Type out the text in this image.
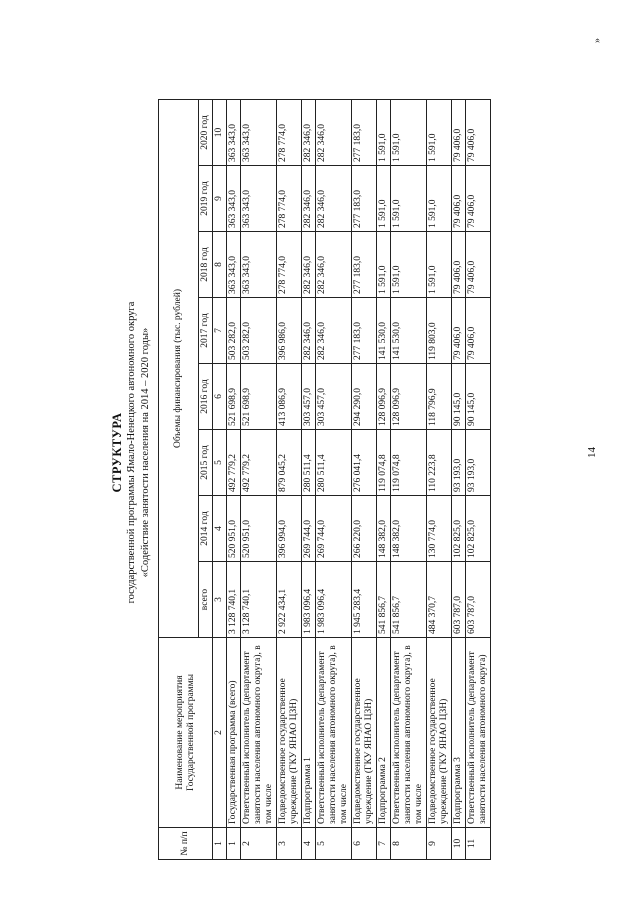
14
»
СТРУКТУРА государственной программы Ямало-Ненецкого автономного округа «Содействие занятости населения на 2014 – 2020 годы»
№ п/п	Наименование мероприятия Государственной программы	Объемы финансирования (тыс. рублей)							
		всего	2014 год	2015 год	2016 год	2017 год	2018 год	2019 год	2020 год
1	2	3	4	5	6	7	8	9	10
1	Государственная программа (всего)	3 128 740,1	520 951,0	492 779,2	521 698,9	503 282,0	363 343,0	363 343,0	363 343,0
2	Ответственный исполнитель (департамент занятости населения автономного округа), в том числе	3 128 740,1	520 951,0	492 779,2	521 698,9	503 282,0	363 343,0	363 343,0	363 343,0
3	Подведомственное государственное учреждение (ГКУ ЯНАО ЦЗН)	2 922 434,1	396 994,0	879 045,2	413 086,9	396 986,0	278 774,0	278 774,0	278 774,0
4	Подпрограмма 1	1 983 096,4	269 744,0	280 511,4	303 457,0	282 346,0	282 346,0	282 346,0	282 346,0
5	Ответственный исполнитель (департамент занятости населения автономного округа), в том числе	1 983 096,4	269 744,0	280 511,4	303 457,0	282 346,0	282 346,0	282 346,0	282 346,0
6	Подведомственное государственное учреждение (ГКУ ЯНАО ЦЗН)	1 945 283,4	266 220,0	276 041,4	294 290,0	277 183,0	277 183,0	277 183,0	277 183,0
7	Подпрограмма 2	541 856,7	148 382,0	119 074,8	128 096,9	141 530,0	1 591,0	1 591,0	1 591,0
8	Ответственный исполнитель (департамент занятости населения автономного округа), в том числе	541 856,7	148 382,0	119 074,8	128 096,9	141 530,0	1 591,0	1 591,0	1 591,0
9	Подведомственное государственное учреждение (ГКУ ЯНАО ЦЗН)	484 370,7	130 774,0	110 223,8	118 796,9	119 803,0	1 591,0	1 591,0	1 591,0
10	Подпрограмма 3	603 787,0	102 825,0	93 193,0	90 145,0	79 406,0	79 406,0	79 406,0	79 406,0
11	Ответственный исполнитель (департамент занятости населения автономного округа)	603 787,0	102 825,0	93 193,0	90 145,0	79 406,0	79 406,0	79 406,0	79 406,0
